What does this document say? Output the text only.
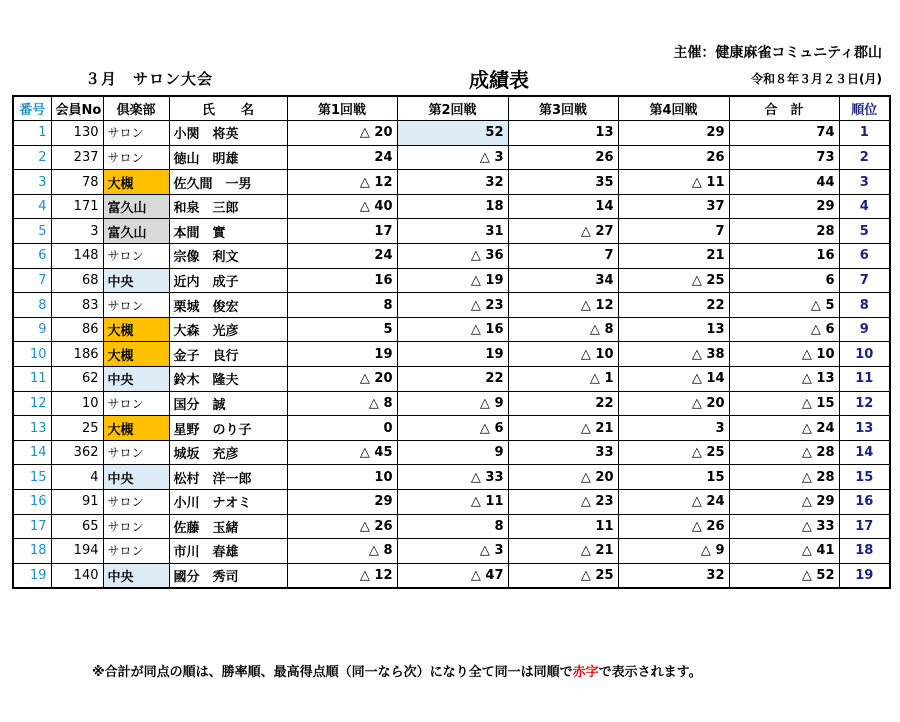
主催：健康麻雀コミュニティ郡山
３月　サロン大会	成績表	令和８年３月２３日(月)
番号	会員No	倶楽部	氏　　名	第1回戦	第2回戦	第3回戦	第4回戦	合　計	順位
1	130	サロン	小関　将英	△ 20	52	13	29	74	1
2	237	サロン	徳山　明雄	24	△ 3	26	26	73	2
3	78	大槻	佐久間　一男	△ 12	32	35	△ 11	44	3
4	171	富久山	和泉　三郎	△ 40	18	14	37	29	4
5	3	富久山	本間　實	17	31	△ 27	7	28	5
6	148	サロン	宗像　利文	24	△ 36	7	21	16	6
7	68	中央	近内　成子	16	△ 19	34	△ 25	6	7
8	83	サロン	栗城　俊宏	8	△ 23	△ 12	22	△ 5	8
9	86	大槻	大森　光彦	5	△ 16	△ 8	13	△ 6	9
10	186	大槻	金子　良行	19	19	△ 10	△ 38	△ 10	10
11	62	中央	鈴木　隆夫	△ 20	22	△ 1	△ 14	△ 13	11
12	10	サロン	国分　誠	△ 8	△ 9	22	△ 20	△ 15	12
13	25	大槻	星野　のり子	0	△ 6	△ 21	3	△ 24	13
14	362	サロン	城坂　充彦	△ 45	9	33	△ 25	△ 28	14
15	4	中央	松村　洋一郎	10	△ 33	△ 20	15	△ 28	15
16	91	サロン	小川　ナオミ	29	△ 11	△ 23	△ 24	△ 29	16
17	65	サロン	佐藤　玉緒	△ 26	8	11	△ 26	△ 33	17
18	194	サロン	市川　春雄	△ 8	△ 3	△ 21	△ 9	△ 41	18
19	140	中央	國分　秀司	△ 12	△ 47	△ 25	32	△ 52	19
※合計が同点の順は、勝率順、最高得点順（同一なら次）になり全て同一は同順で赤字で表示されます。
